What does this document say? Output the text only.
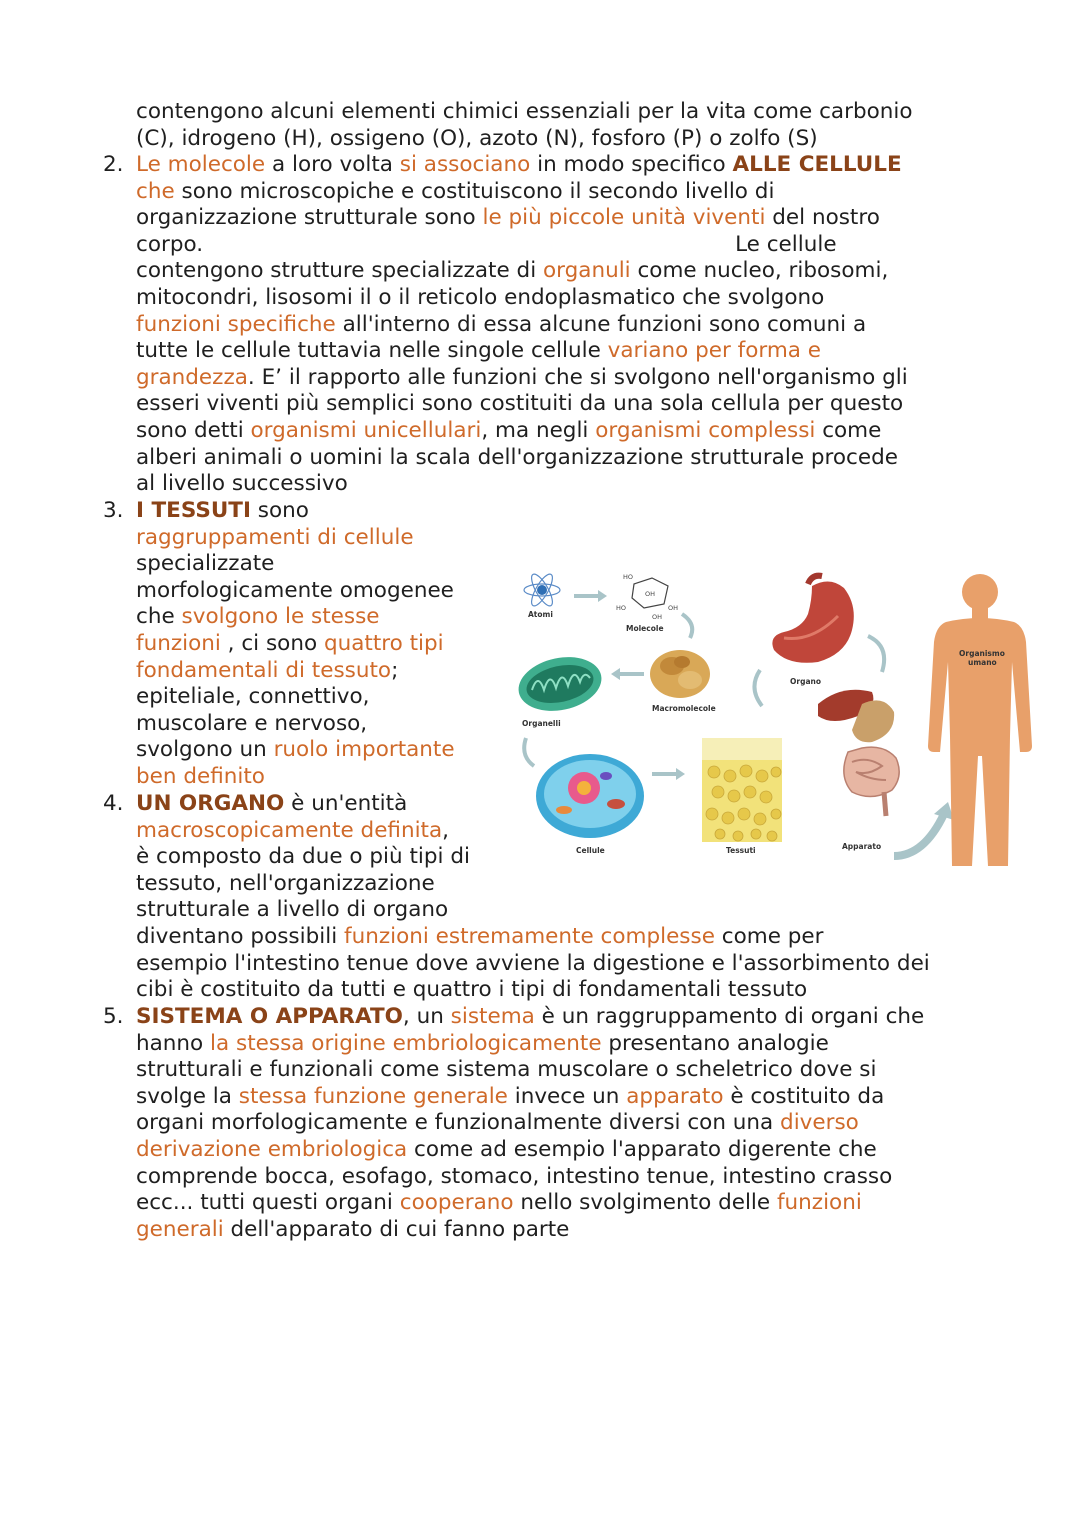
contengono alcuni elementi chimici essenziali per la vita come carbonio
(C), idrogeno (H), ossigeno (O), azoto (N), fosforo (P) o zolfo (S)

2. Le molecole a loro volta si associano in modo specifico ALLE CELLULE
che sono microscopiche e costituiscono il secondo livello di
organizzazione strutturale sono le più piccole unità viventi del nostro
corpo.	Le cellule
contengono strutture specializzate di organuli come nucleo, ribosomi,
mitocondri, lisosomi il o il reticolo endoplasmatico che svolgono
funzioni specifiche all'interno di essa alcune funzioni sono comuni a
tutte le cellule tuttavia nelle singole cellule variano per forma e
grandezza. E’ il rapporto alle funzioni che si svolgono nell'organismo gli
esseri viventi più semplici sono costituiti da una sola cellula per questo
sono detti organismi unicellulari, ma negli organismi complessi come
alberi animali o uomini la scala dell'organizzazione strutturale procede
al livello successivo

3. I TESSUTI sono
raggruppamenti di cellule
specializzate
morfologicamente omogenee
che svolgono le stesse
funzioni , ci sono quattro tipi
fondamentali di tessuto;
epiteliale, connettivo,
muscolare e nervoso,
svolgono un ruolo importante
ben definito

4. UN ORGANO è un'entità
macroscopicamente definita,
è composto da due o più tipi di
tessuto, nell'organizzazione
strutturale a livello di organo
diventano possibili funzioni estremamente complesse come per
esempio l'intestino tenue dove avviene la digestione e l'assorbimento dei
cibi è costituito da tutti e quattro i tipi di fondamentali tessuto

5. SISTEMA O APPARATO, un sistema è un raggruppamento di organi che
hanno la stessa origine embriologicamente presentano analogie
strutturali e funzionali come sistema muscolare o scheletrico dove si
svolge la stessa funzione generale invece un apparato è costituito da
organi morfologicamente e funzionalmente diversi con una diverso
derivazione embriologica come ad esempio l'apparato digerente che
comprende bocca, esofago, stomaco, intestino tenue, intestino crasso
ecc... tutti questi organi cooperano nello svolgimento delle funzioni
generali dell'apparato di cui fanno parte

Atomi
HO
OH
HO	OH
OH
Molecole
Macromolecole
Organelli
Cellule	Tessuti
Organo
Apparato
Organismo
umano
